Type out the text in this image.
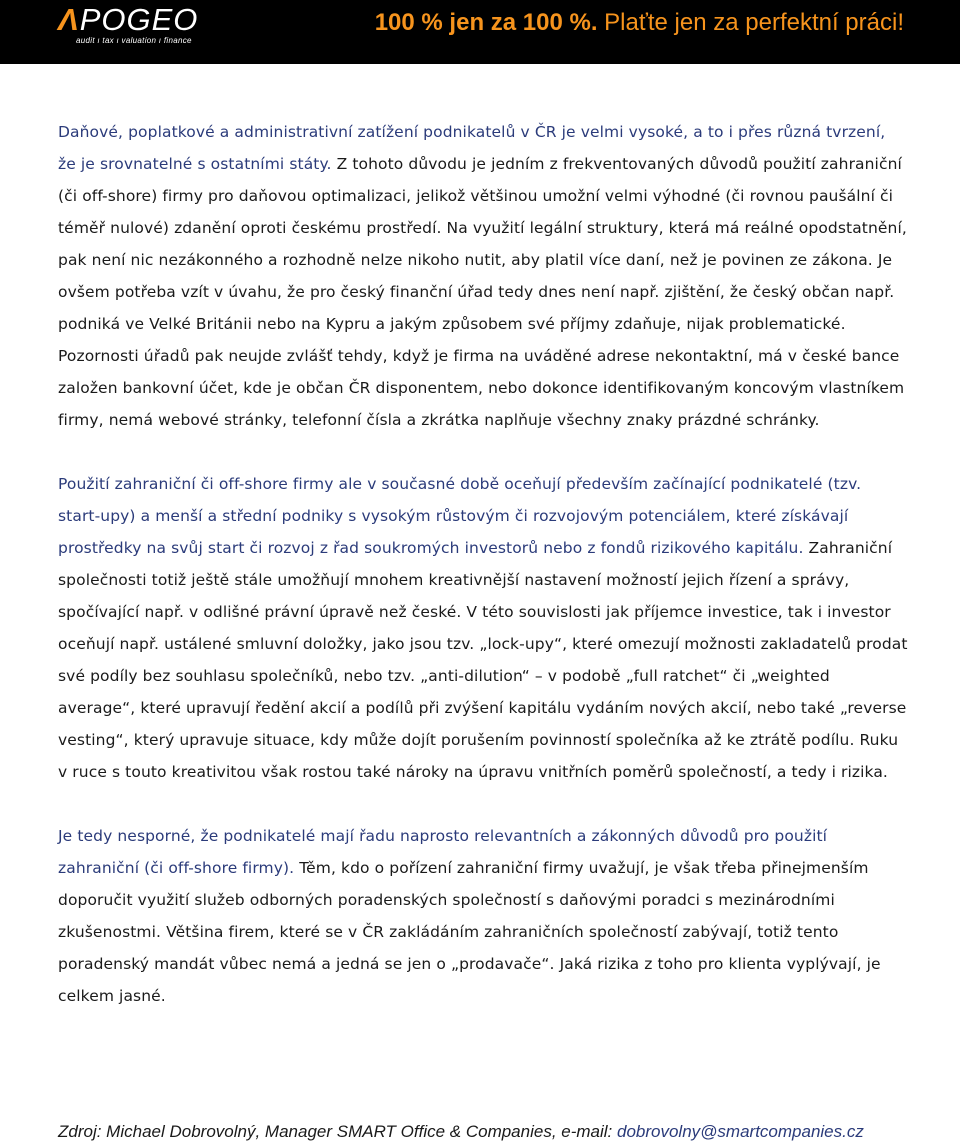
ΛPOGEO
audit ı tax ı valuation ı finance
100 % jen za 100 %. Plaťte jen za perfektní práci!

Daňové, poplatkové a administrativní zatížení podnikatelů v ČR je velmi vysoké, a to i přes různá tvrzení, že je srovnatelné s ostatními státy. Z tohoto důvodu je jedním z frekventovaných důvodů použití zahraniční (či off-shore) firmy pro daňovou optimalizaci, jelikož většinou umožní velmi výhodné (či rovnou paušální či téměř nulové) zdanění oproti českému prostředí. Na využití legální struktury, která má reálné opodstatnění, pak není nic nezákonného a rozhodně nelze nikoho nutit, aby platil více daní, než je povinen ze zákona. Je ovšem potřeba vzít v úvahu, že pro český finanční úřad tedy dnes není např. zjištění, že český občan např. podniká ve Velké Británii nebo na Kypru a jakým způsobem své příjmy zdaňuje, nijak problematické. Pozornosti úřadů pak neujde zvlášť tehdy, když je firma na uváděné adrese nekontaktní, má v české bance založen bankovní účet, kde je občan ČR disponentem, nebo dokonce identifikovaným koncovým vlastníkem firmy, nemá webové stránky, telefonní čísla a zkrátka naplňuje všechny znaky prázdné schránky.

Použití zahraniční či off-shore firmy ale v současné době oceňují především začínající podnikatelé (tzv. start-upy) a menší a střední podniky s vysokým růstovým či rozvojovým potenciálem, které získávají prostředky na svůj start či rozvoj z řad soukromých investorů nebo z fondů rizikového kapitálu. Zahraniční společnosti totiž ještě stále umožňují mnohem kreativnější nastavení možností jejich řízení a správy, spočívající např. v odlišné právní úpravě než české. V této souvislosti jak příjemce investice, tak i investor oceňují např. ustálené smluvní doložky, jako jsou tzv. „lock-upy“, které omezují možnosti zakladatelů prodat své podíly bez souhlasu společníků, nebo tzv. „anti-dilution“ – v podobě „full ratchet“ či „weighted average“, které upravují ředění akcií a podílů při zvýšení kapitálu vydáním nových akcií, nebo také „reverse vesting“, který upravuje situace, kdy může dojít porušením povinností společníka až ke ztrátě podílu. Ruku v ruce s touto kreativitou však rostou také nároky na úpravu vnitřních poměrů společností, a tedy i rizika.

Je tedy nesporné, že podnikatelé mají řadu naprosto relevantních a zákonných důvodů pro použití zahraniční (či off-shore firmy). Těm, kdo o pořízení zahraniční firmy uvažují, je však třeba přinejmenším doporučit využití služeb odborných poradenských společností s daňovými poradci s mezinárodními zkušenostmi. Většina firem, které se v ČR zakládáním zahraničních společností zabývají, totiž tento poradenský mandát vůbec nemá a jedná se jen o „prodavače“. Jaká rizika z toho pro klienta vyplývají, je celkem jasné.

Zdroj: Michael Dobrovolný, Manager SMART Office & Companies, e-mail: dobrovolny@smartcompanies.cz
